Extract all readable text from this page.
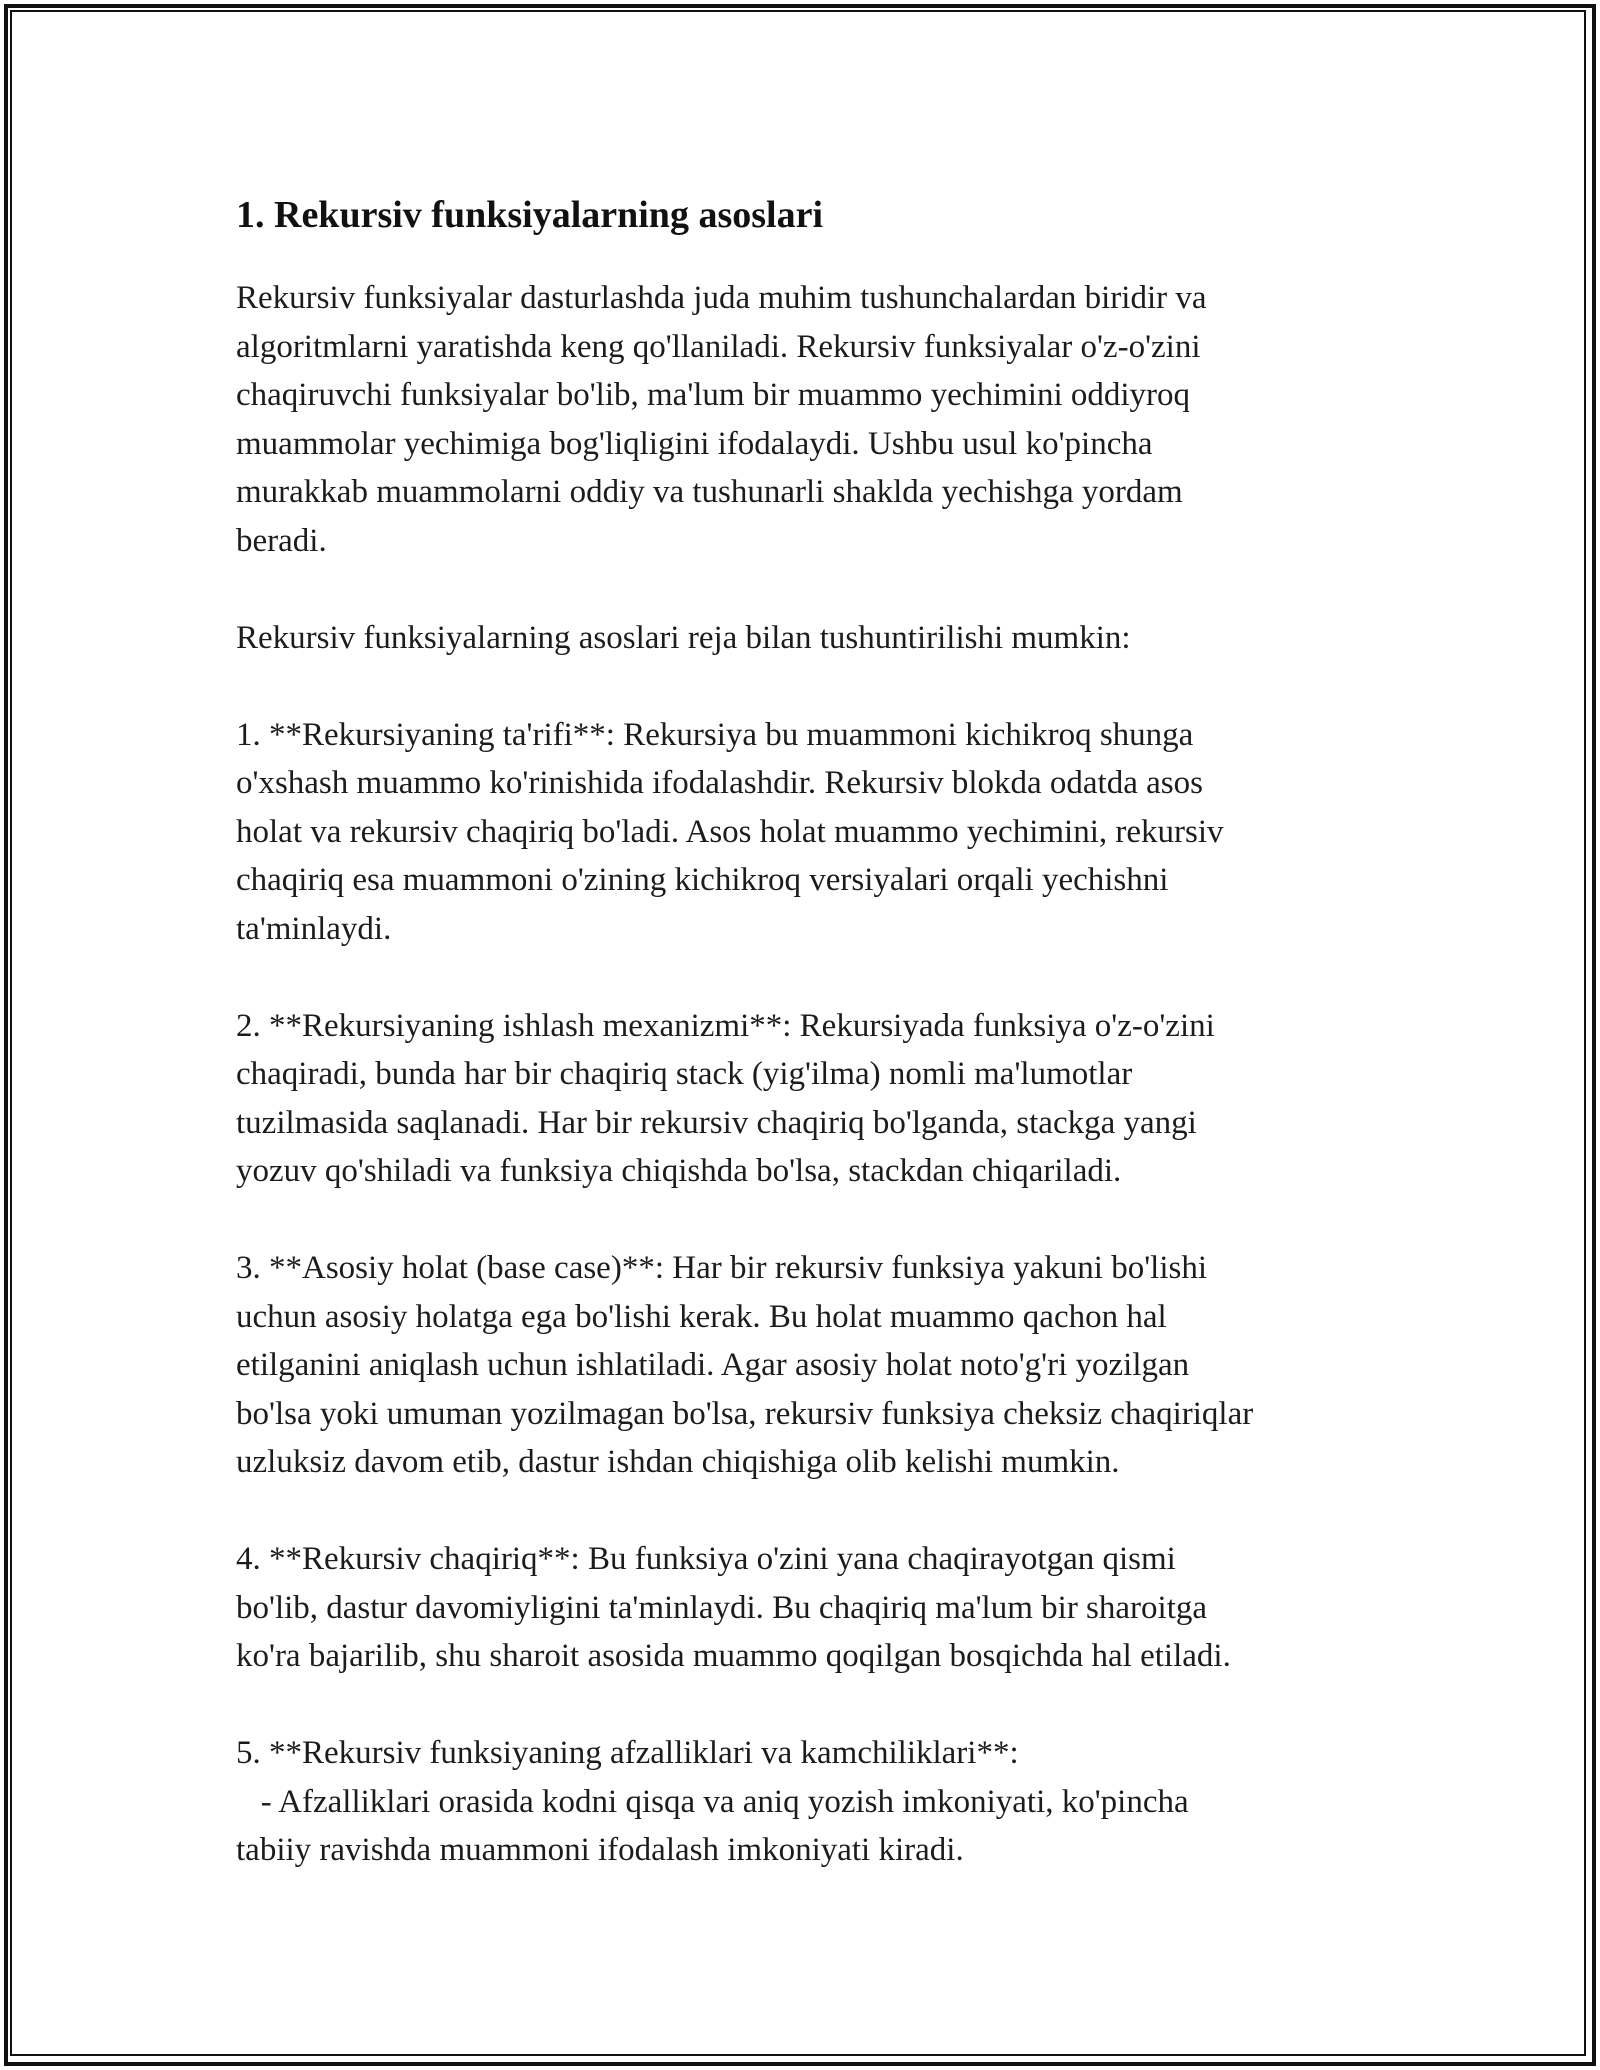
1. Rekursiv funksiyalarning asoslari

Rekursiv funksiyalar dasturlashda juda muhim tushunchalardan biridir va
algoritmlarni yaratishda keng qo'llaniladi. Rekursiv funksiyalar o'z-o'zini
chaqiruvchi funksiyalar bo'lib, ma'lum bir muammo yechimini oddiyroq
muammolar yechimiga bog'liqligini ifodalaydi. Ushbu usul ko'pincha
murakkab muammolarni oddiy va tushunarli shaklda yechishga yordam
beradi.

Rekursiv funksiyalarning asoslari reja bilan tushuntirilishi mumkin:

1. **Rekursiyaning ta'rifi**: Rekursiya bu muammoni kichikroq shunga
o'xshash muammo ko'rinishida ifodalashdir. Rekursiv blokda odatda asos
holat va rekursiv chaqiriq bo'ladi. Asos holat muammo yechimini, rekursiv
chaqiriq esa muammoni o'zining kichikroq versiyalari orqali yechishni
ta'minlaydi.

2. **Rekursiyaning ishlash mexanizmi**: Rekursiyada funksiya o'z-o'zini
chaqiradi, bunda har bir chaqiriq stack (yig'ilma) nomli ma'lumotlar
tuzilmasida saqlanadi. Har bir rekursiv chaqiriq bo'lganda, stackga yangi
yozuv qo'shiladi va funksiya chiqishda bo'lsa, stackdan chiqariladi.

3. **Asosiy holat (base case)**: Har bir rekursiv funksiya yakuni bo'lishi
uchun asosiy holatga ega bo'lishi kerak. Bu holat muammo qachon hal
etilganini aniqlash uchun ishlatiladi. Agar asosiy holat noto'g'ri yozilgan
bo'lsa yoki umuman yozilmagan bo'lsa, rekursiv funksiya cheksiz chaqiriqlar
uzluksiz davom etib, dastur ishdan chiqishiga olib kelishi mumkin.

4. **Rekursiv chaqiriq**: Bu funksiya o'zini yana chaqirayotgan qismi
bo'lib, dastur davomiyligini ta'minlaydi. Bu chaqiriq ma'lum bir sharoitga
ko'ra bajarilib, shu sharoit asosida muammo qoqilgan bosqichda hal etiladi.

5. **Rekursiv funksiyaning afzalliklari va kamchiliklari**:
- Afzalliklari orasida kodni qisqa va aniq yozish imkoniyati, ko'pincha
tabiiy ravishda muammoni ifodalash imkoniyati kiradi.
